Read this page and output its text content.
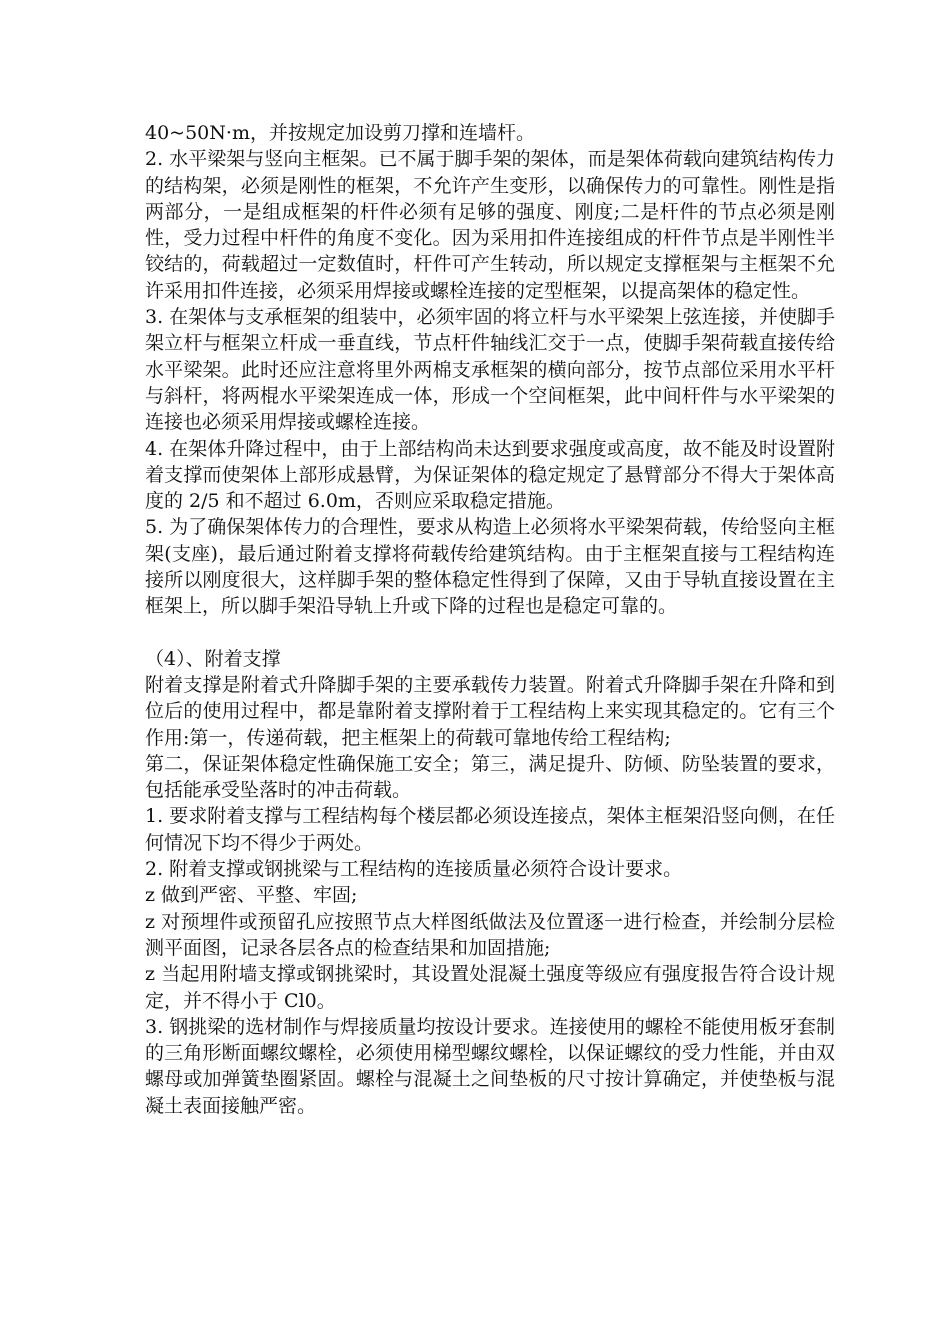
40~50N·m，并按规定加设剪刀撑和连墙杆。

2. 水平梁架与竖向主框架。已不属于脚手架的架体，而是架体荷载向建筑结构传力的结构架，必须是刚性的框架，不允许产生变形，以确保传力的可靠性。刚性是指两部分，一是组成框架的杆件必须有足够的强度、刚度;二是杆件的节点必须是刚性，受力过程中杆件的角度不变化。因为采用扣件连接组成的杆件节点是半刚性半铰结的，荷载超过一定数值时，杆件可产生转动，所以规定支撑框架与主框架不允许采用扣件连接，必须采用焊接或螺栓连接的定型框架，以提高架体的稳定性。

3. 在架体与支承框架的组装中，必须牢固的将立杆与水平梁架上弦连接，并使脚手架立杆与框架立杆成一垂直线，节点杆件轴线汇交于一点，使脚手架荷载直接传给水平梁架。此时还应注意将里外两棉支承框架的横向部分，按节点部位采用水平杆与斜杆，将两棍水平梁架连成一体，形成一个空间框架，此中间杆件与水平梁架的连接也必须采用焊接或螺栓连接。

4. 在架体升降过程中，由于上部结构尚未达到要求强度或高度，故不能及时设置附着支撑而使架体上部形成悬臂，为保证架体的稳定规定了悬臂部分不得大于架体高度的 2/5 和不超过 6.0m，否则应采取稳定措施。

5. 为了确保架体传力的合理性，要求从构造上必须将水平梁架荷载，传给竖向主框架(支座)，最后通过附着支撑将荷载传给建筑结构。由于主框架直接与工程结构连接所以刚度很大，这样脚手架的整体稳定性得到了保障，又由于导轨直接设置在主框架上，所以脚手架沿导轨上升或下降的过程也是稳定可靠的。

（4）、附着支撑

附着支撑是附着式升降脚手架的主要承载传力装置。附着式升降脚手架在升降和到位后的使用过程中，都是靠附着支撑附着于工程结构上来实现其稳定的。它有三个作用:第一，传递荷载，把主框架上的荷载可靠地传给工程结构;

第二，保证架体稳定性确保施工安全；第三，满足提升、防倾、防坠装置的要求，包括能承受坠落时的冲击荷载。

1. 要求附着支撑与工程结构每个楼层都必须设连接点，架体主框架沿竖向侧，在任何情况下均不得少于两处。

2. 附着支撑或钢挑梁与工程结构的连接质量必须符合设计要求。

z 做到严密、平整、牢固;

z 对预埋件或预留孔应按照节点大样图纸做法及位置逐一进行检查，并绘制分层检测平面图，记录各层各点的检查结果和加固措施;

z 当起用附墙支撑或钢挑梁时，其设置处混凝土强度等级应有强度报告符合设计规定，并不得小于 Cl0。

3. 钢挑梁的选材制作与焊接质量均按设计要求。连接使用的螺栓不能使用板牙套制的三角形断面螺纹螺栓，必须使用梯型螺纹螺栓，以保证螺纹的受力性能，并由双螺母或加弹簧垫圈紧固。螺栓与混凝土之间垫板的尺寸按计算确定，并使垫板与混凝土表面接触严密。
